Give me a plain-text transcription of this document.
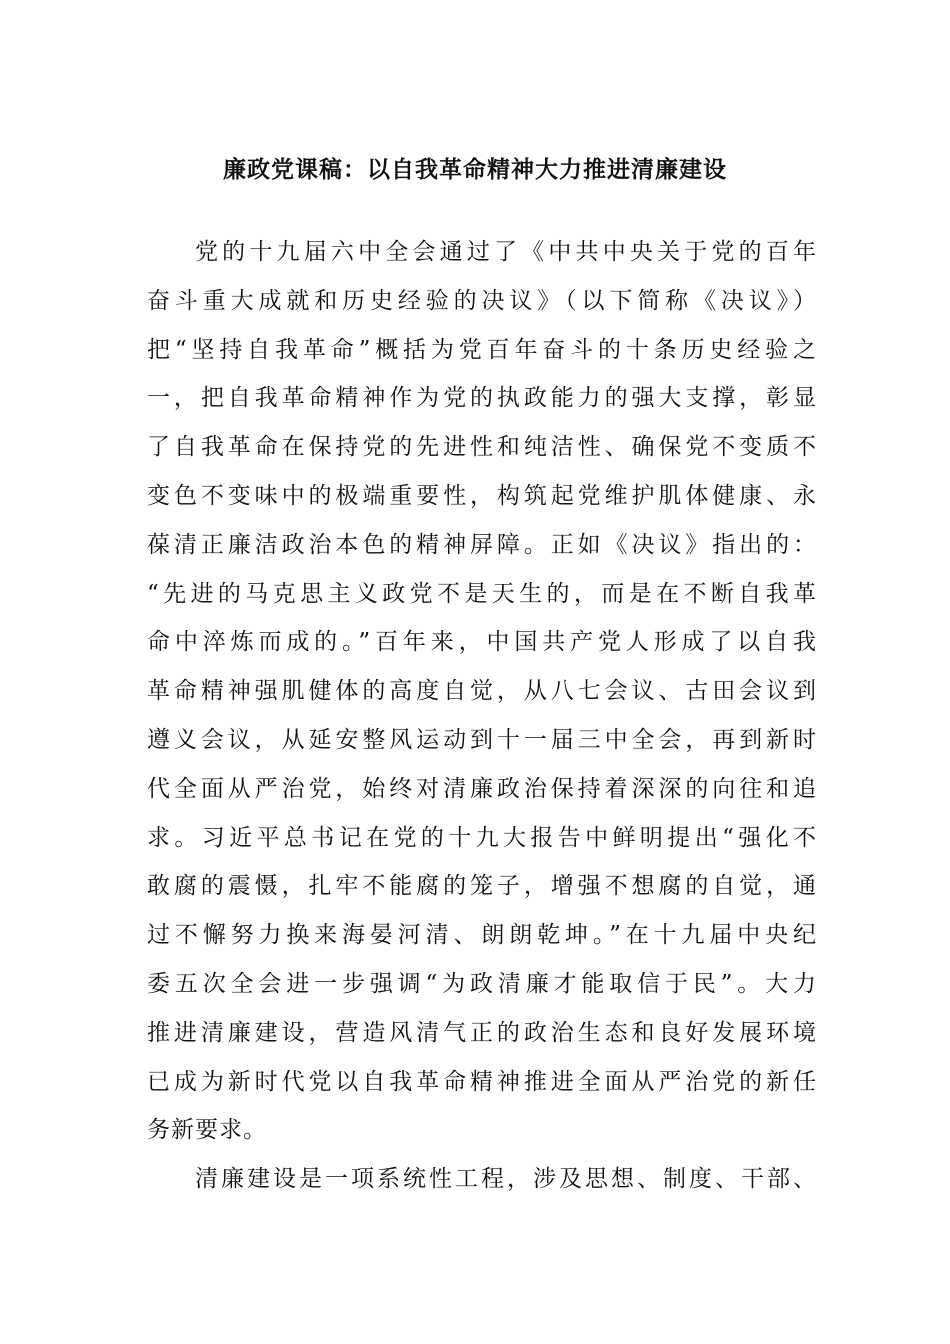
廉政党课稿：以自我革命精神大力推进清廉建设
党的十九届六中全会通过了《中共中央关于党的百年
奋斗重大成就和历史经验的决议》（以下简称《决议》）
把“坚持自我革命”概括为党百年奋斗的十条历史经验之
一，把自我革命精神作为党的执政能力的强大支撑，彰显
了自我革命在保持党的先进性和纯洁性、确保党不变质不
变色不变味中的极端重要性，构筑起党维护肌体健康、永
葆清正廉洁政治本色的精神屏障。正如《决议》指出的：
“先进的马克思主义政党不是天生的，而是在不断自我革
命中淬炼而成的。”百年来，中国共产党人形成了以自我
革命精神强肌健体的高度自觉，从八七会议、古田会议到
遵义会议，从延安整风运动到十一届三中全会，再到新时
代全面从严治党，始终对清廉政治保持着深深的向往和追
求。习近平总书记在党的十九大报告中鲜明提出“强化不
敢腐的震慑，扎牢不能腐的笼子，增强不想腐的自觉，通
过不懈努力换来海晏河清、朗朗乾坤。”在十九届中央纪
委五次全会进一步强调“为政清廉才能取信于民”。大力
推进清廉建设，营造风清气正的政治生态和良好发展环境
已成为新时代党以自我革命精神推进全面从严治党的新任
务新要求。
清廉建设是一项系统性工程，涉及思想、制度、干部、
